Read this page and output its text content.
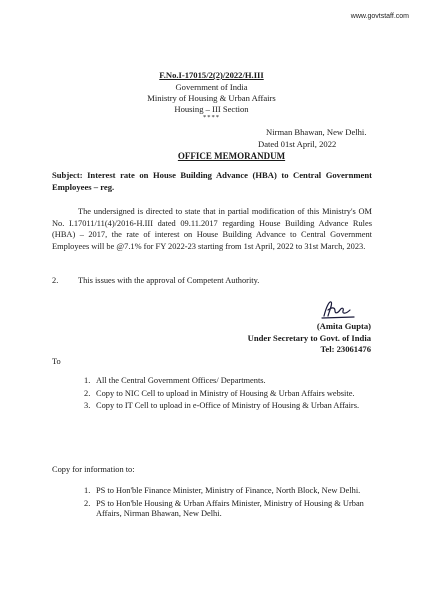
www.govtstaff.com
F.No.I-17015/2(2)/2022/H.III
Government of India
Ministry of Housing & Urban Affairs
Housing – III Section
****
Nirman Bhawan, New Delhi.
Dated 01st April, 2022
OFFICE MEMORANDUM
Subject: Interest rate on House Building Advance (HBA) to Central Government Employees – reg.
The undersigned is directed to state that in partial modification of this Ministry's OM No. I.17011/11(4)/2016-H.III dated 09.11.2017 regarding House Building Advance Rules (HBA) – 2017, the rate of interest on House Building Advance to Central Government Employees will be @7.1% for FY 2022-23 starting from 1st April, 2022 to 31st March, 2023.
2. This issues with the approval of Competent Authority.
(Amita Gupta)
Under Secretary to Govt. of India
Tel: 23061476
To
1. All the Central Government Offices/ Departments.
2. Copy to NIC Cell to upload in Ministry of Housing & Urban Affairs website.
3. Copy to IT Cell to upload in e-Office of Ministry of Housing & Urban Affairs.
Copy for information to:
1. PS to Hon'ble Finance Minister, Ministry of Finance, North Block, New Delhi.
2. PS to Hon'ble Housing & Urban Affairs Minister, Ministry of Housing & Urban Affairs, Nirman Bhawan, New Delhi.
